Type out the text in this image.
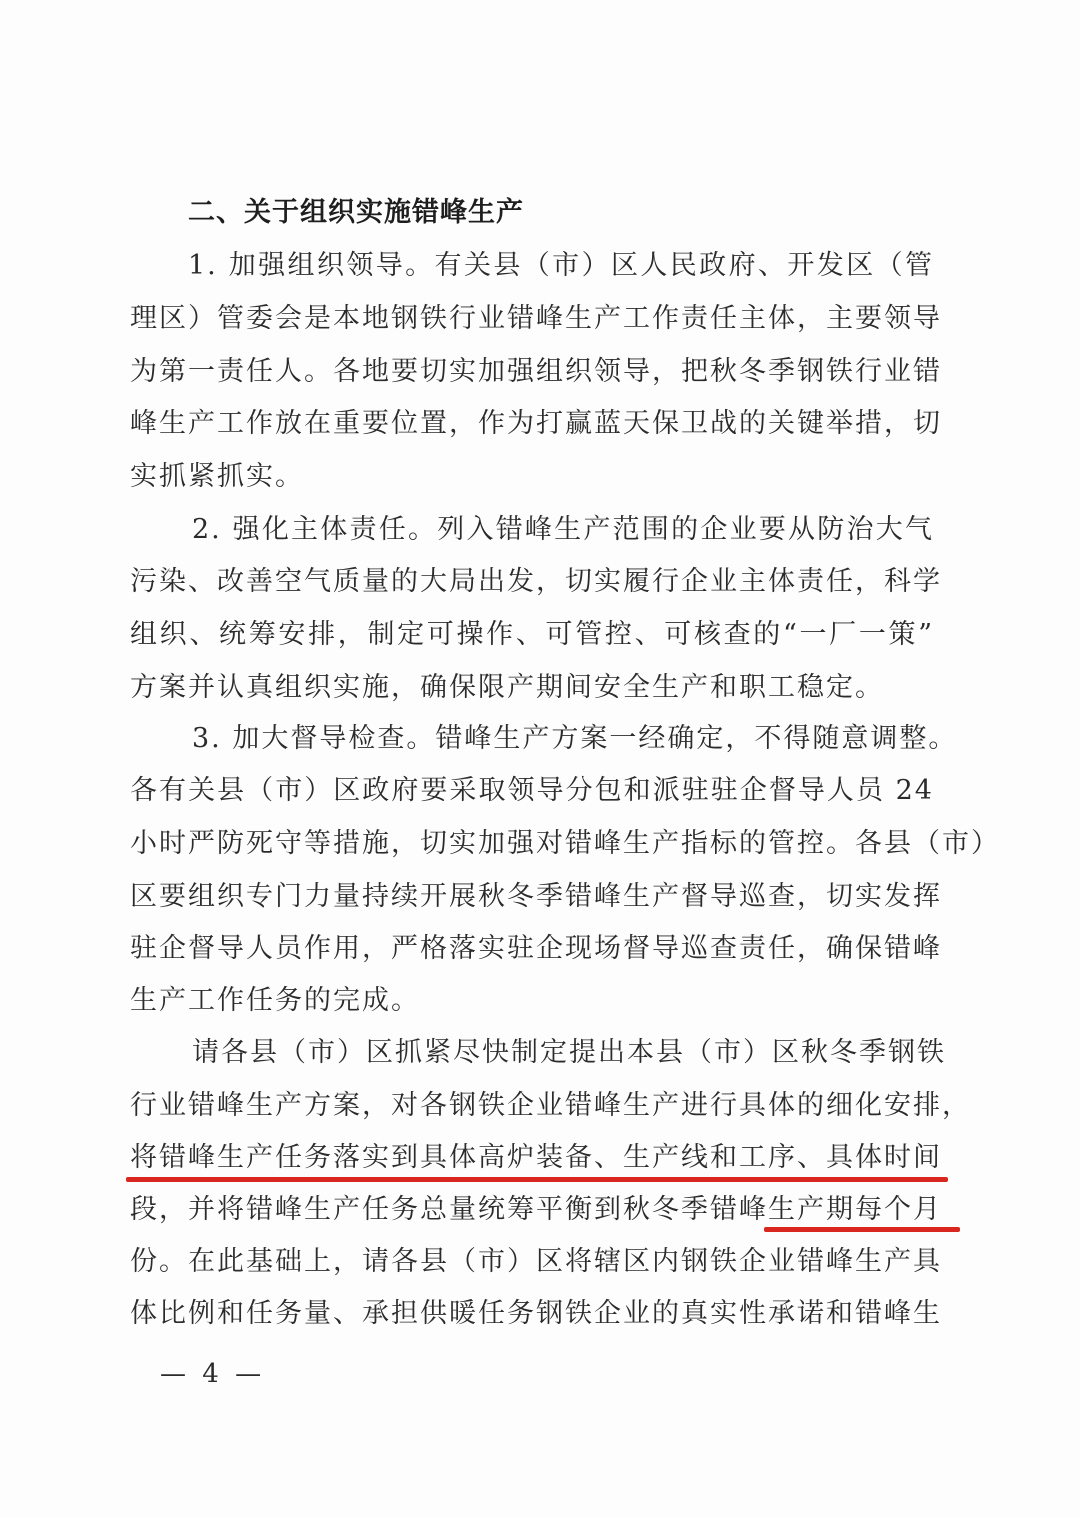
二、关于组织实施错峰生产
1. 加强组织领导。有关县（市）区人民政府、开发区（管
理区）管委会是本地钢铁行业错峰生产工作责任主体，主要领导
为第一责任人。各地要切实加强组织领导，把秋冬季钢铁行业错
峰生产工作放在重要位置，作为打赢蓝天保卫战的关键举措，切
实抓紧抓实。
2. 强化主体责任。列入错峰生产范围的企业要从防治大气
污染、改善空气质量的大局出发，切实履行企业主体责任，科学
组织、统筹安排，制定可操作、可管控、可核查的“一厂一策”
方案并认真组织实施，确保限产期间安全生产和职工稳定。
3. 加大督导检查。错峰生产方案一经确定，不得随意调整。
各有关县（市）区政府要采取领导分包和派驻驻企督导人员 24
小时严防死守等措施，切实加强对错峰生产指标的管控。各县（市）
区要组织专门力量持续开展秋冬季错峰生产督导巡查，切实发挥
驻企督导人员作用，严格落实驻企现场督导巡查责任，确保错峰
生产工作任务的完成。
请各县（市）区抓紧尽快制定提出本县（市）区秋冬季钢铁
行业错峰生产方案，对各钢铁企业错峰生产进行具体的细化安排，
将错峰生产任务落实到具体高炉装备、生产线和工序、具体时间
段，并将错峰生产任务总量统筹平衡到秋冬季错峰生产期每个月
份。在此基础上，请各县（市）区将辖区内钢铁企业错峰生产具
体比例和任务量、承担供暖任务钢铁企业的真实性承诺和错峰生
— 4 —
